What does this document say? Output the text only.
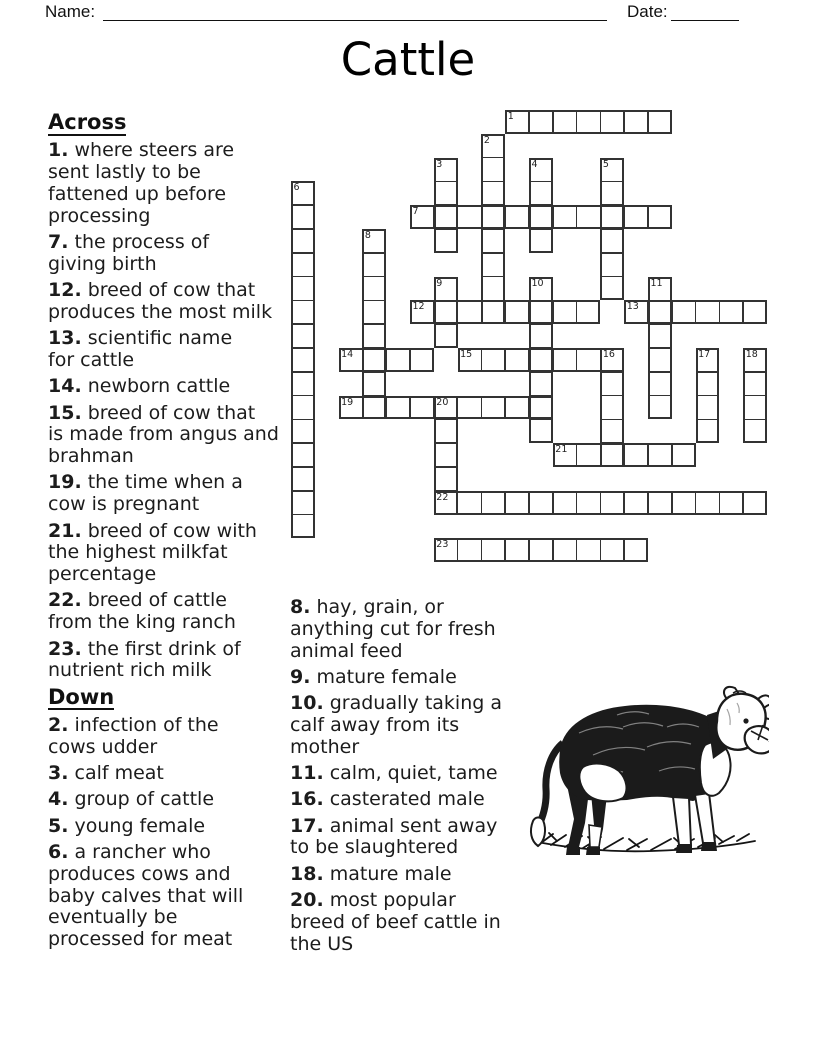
Name:	Date:
Cattle
1
2
3	4	5
6
7
8
9	10	11
12	13
14	15	16	17	18
19	20
21
22
23
Across
1. where steers are
sent lastly to be
fattened up before
processing
7. the process of
giving birth
12. breed of cow that
produces the most milk
13. scientific name
for cattle
14. newborn cattle
15. breed of cow that
is made from angus and
brahman
19. the time when a
cow is pregnant
21. breed of cow with
the highest milkfat
percentage
22. breed of cattle
from the king ranch
23. the first drink of
nutrient rich milk
Down
2. infection of the
cows udder
3. calf meat
4. group of cattle
5. young female
6. a rancher who
produces cows and
baby calves that will
eventually be
processed for meat
8. hay, grain, or
anything cut for fresh
animal feed
9. mature female
10. gradually taking a
calf away from its
mother
11. calm, quiet, tame
16. casterated male
17. animal sent away
to be slaughtered
18. mature male
20. most popular
breed of beef cattle in
the US
